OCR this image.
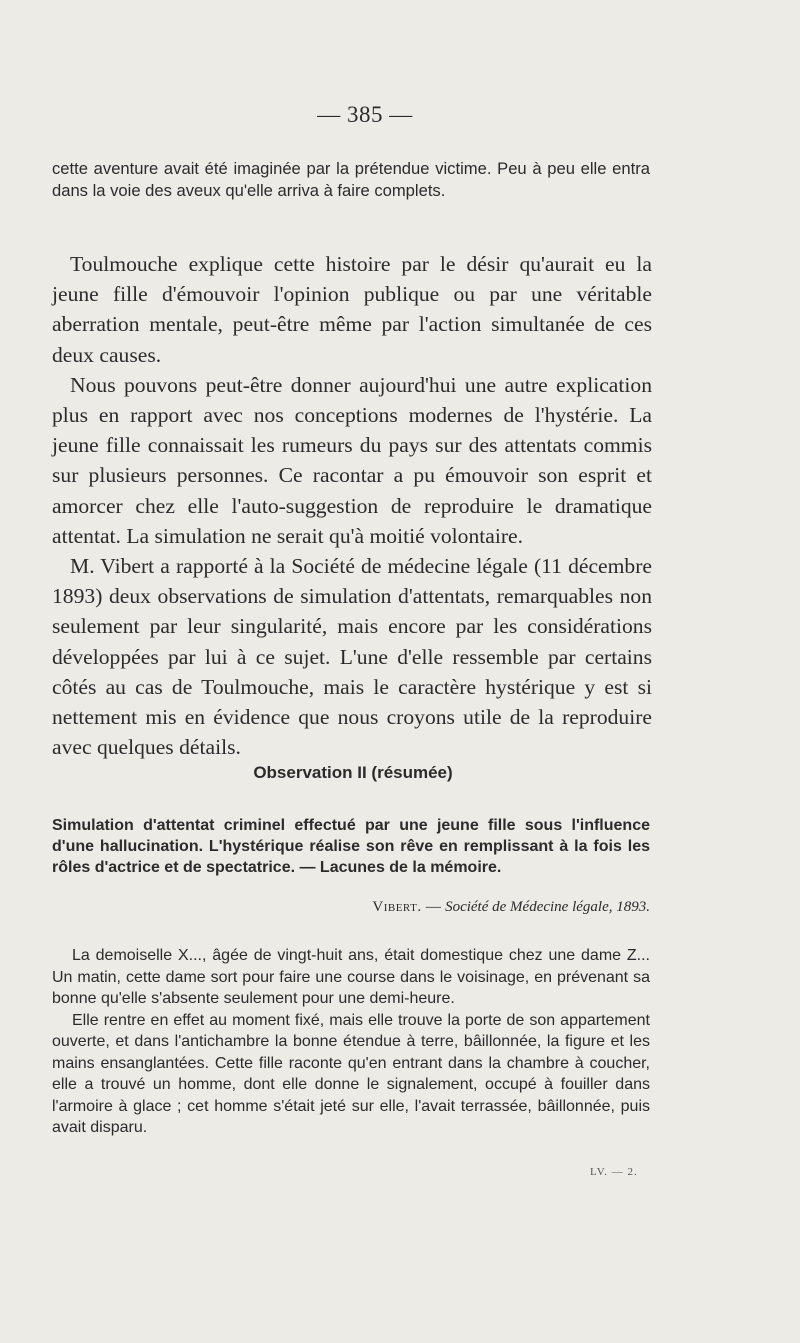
— 385 —

cette aventure avait été imaginée par la prétendue victime. Peu à peu elle entra dans la voie des aveux qu'elle arriva à faire complets.

Toulmouche explique cette histoire par le désir qu'aurait eu la jeune fille d'émouvoir l'opinion publique ou par une véritable aberration mentale, peut-être même par l'action simultanée de ces deux causes.

Nous pouvons peut-être donner aujourd'hui une autre explication plus en rapport avec nos conceptions modernes de l'hystérie. La jeune fille connaissait les rumeurs du pays sur des attentats commis sur plusieurs personnes. Ce racontar a pu émouvoir son esprit et amorcer chez elle l'auto-suggestion de reproduire le dramatique attentat. La simulation ne serait qu'à moitié volontaire.

M. Vibert a rapporté à la Société de médecine légale (11 décembre 1893) deux observations de simulation d'attentats, remarquables non seulement par leur singularité, mais encore par les considérations développées par lui à ce sujet. L'une d'elle ressemble par certains côtés au cas de Toulmouche, mais le caractère hystérique y est si nettement mis en évidence que nous croyons utile de la reproduire avec quelques détails.

Observation II (résumée)

Simulation d'attentat criminel effectué par une jeune fille sous l'influence d'une hallucination. L'hystérique réalise son rêve en remplissant à la fois les rôles d'actrice et de spectatrice. — Lacunes de la mémoire.

Vibert. — Société de Médecine légale, 1893.

La demoiselle X..., âgée de vingt-huit ans, était domestique chez une dame Z... Un matin, cette dame sort pour faire une course dans le voisinage, en prévenant sa bonne qu'elle s'absente seulement pour une demi-heure.

Elle rentre en effet au moment fixé, mais elle trouve la porte de son appartement ouverte, et dans l'antichambre la bonne étendue à terre, bâillonnée, la figure et les mains ensanglantées. Cette fille raconte qu'en entrant dans la chambre à coucher, elle a trouvé un homme, dont elle donne le signalement, occupé à fouiller dans l'armoire à glace ; cet homme s'était jeté sur elle, l'avait terrassée, bâillonnée, puis avait disparu.

LV. — 2.
